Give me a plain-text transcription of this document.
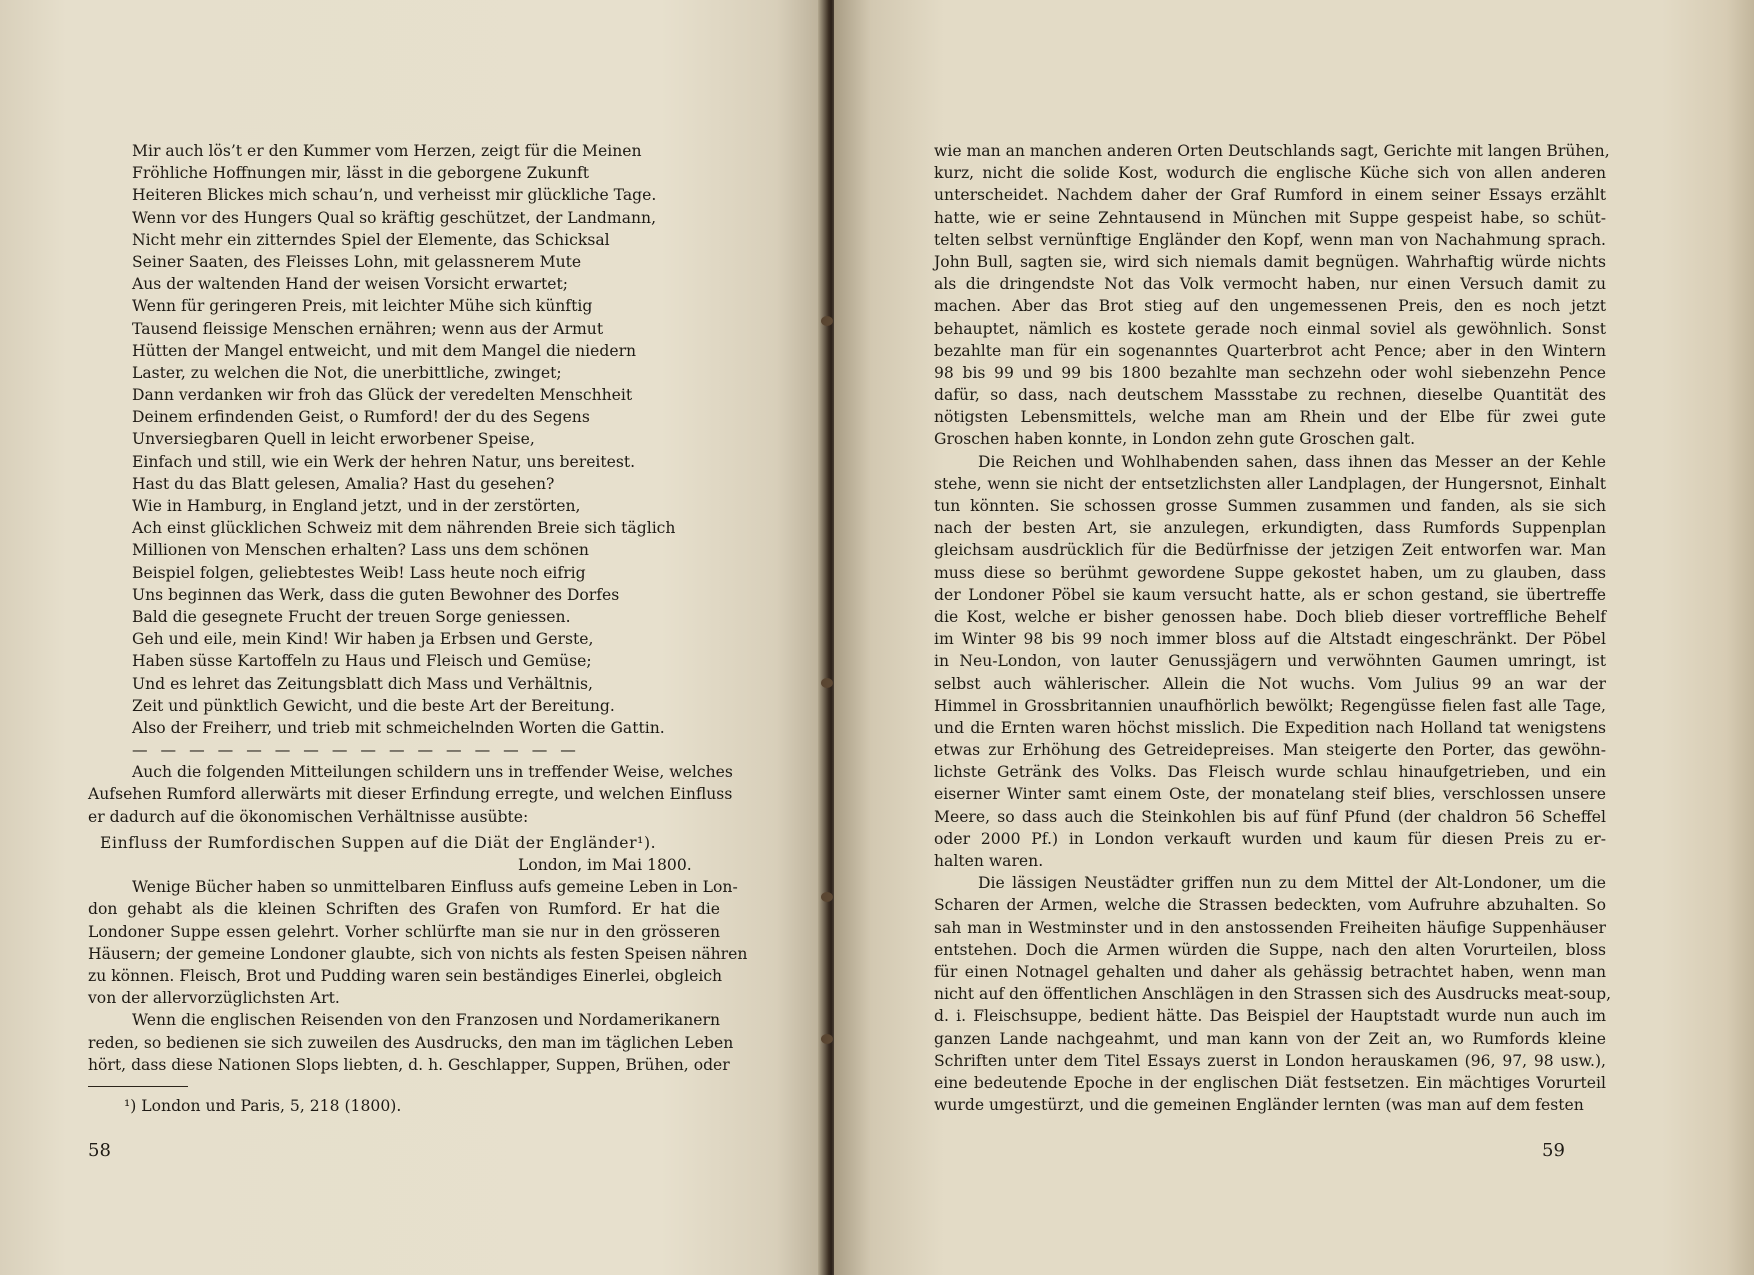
Mir auch lös’t er den Kummer vom Herzen, zeigt für die Meinen
Fröhliche Hoffnungen mir, lässt in die geborgene Zukunft
Heiteren Blickes mich schau’n, und verheisst mir glückliche Tage.
Wenn vor des Hungers Qual so kräftig geschützet, der Landmann,
Nicht mehr ein zitterndes Spiel der Elemente, das Schicksal
Seiner Saaten, des Fleisses Lohn, mit gelassnerem Mute
Aus der waltenden Hand der weisen Vorsicht erwartet;
Wenn für geringeren Preis, mit leichter Mühe sich künftig
Tausend fleissige Menschen ernähren; wenn aus der Armut
Hütten der Mangel entweicht, und mit dem Mangel die niedern
Laster, zu welchen die Not, die unerbittliche, zwinget;
Dann verdanken wir froh das Glück der veredelten Menschheit
Deinem erfindenden Geist, o Rumford! der du des Segens
Unversiegbaren Quell in leicht erworbener Speise,
Einfach und still, wie ein Werk der hehren Natur, uns bereitest.
Hast du das Blatt gelesen, Amalia? Hast du gesehen?
Wie in Hamburg, in England jetzt, und in der zerstörten,
Ach einst glücklichen Schweiz mit dem nährenden Breie sich täglich
Millionen von Menschen erhalten? Lass uns dem schönen
Beispiel folgen, geliebtestes Weib! Lass heute noch eifrig
Uns beginnen das Werk, dass die guten Bewohner des Dorfes
Bald die gesegnete Frucht der treuen Sorge geniessen.
Geh und eile, mein Kind! Wir haben ja Erbsen und Gerste,
Haben süsse Kartoffeln zu Haus und Fleisch und Gemüse;
Und es lehret das Zeitungsblatt dich Mass und Verhältnis,
Zeit und pünktlich Gewicht, und die beste Art der Bereitung.
Also der Freiherr, und trieb mit schmeichelnden Worten die Gattin.
— — — — — — — — — — — — — — — —
Auch die folgenden Mitteilungen schildern uns in treffender Weise, welches
Aufsehen Rumford allerwärts mit dieser Erfindung erregte, und welchen Einfluss
er dadurch auf die ökonomischen Verhältnisse ausübte:
Einfluss der Rumfordischen Suppen auf die Diät der Engländer¹).
London, im Mai 1800.
Wenige Bücher haben so unmittelbaren Einfluss aufs gemeine Leben in Lon-
don gehabt als die kleinen Schriften des Grafen von Rumford. Er hat die
Londoner Suppe essen gelehrt. Vorher schlürfte man sie nur in den grösseren
Häusern; der gemeine Londoner glaubte, sich von nichts als festen Speisen nähren
zu können. Fleisch, Brot und Pudding waren sein beständiges Einerlei, obgleich
von der allervorzüglichsten Art.
Wenn die englischen Reisenden von den Franzosen und Nordamerikanern
reden, so bedienen sie sich zuweilen des Ausdrucks, den man im täglichen Leben
hört, dass diese Nationen Slops liebten, d. h. Geschlapper, Suppen, Brühen, oder
¹) London und Paris, 5, 218 (1800).
58
wie man an manchen anderen Orten Deutschlands sagt, Gerichte mit langen Brühen,
kurz, nicht die solide Kost, wodurch die englische Küche sich von allen anderen
unterscheidet. Nachdem daher der Graf Rumford in einem seiner Essays erzählt
hatte, wie er seine Zehntausend in München mit Suppe gespeist habe, so schüt-
telten selbst vernünftige Engländer den Kopf, wenn man von Nachahmung sprach.
John Bull, sagten sie, wird sich niemals damit begnügen. Wahrhaftig würde nichts
als die dringendste Not das Volk vermocht haben, nur einen Versuch damit zu
machen. Aber das Brot stieg auf den ungemessenen Preis, den es noch jetzt
behauptet, nämlich es kostete gerade noch einmal soviel als gewöhnlich. Sonst
bezahlte man für ein sogenanntes Quarterbrot acht Pence; aber in den Wintern
98 bis 99 und 99 bis 1800 bezahlte man sechzehn oder wohl siebenzehn Pence
dafür, so dass, nach deutschem Massstabe zu rechnen, dieselbe Quantität des
nötigsten Lebensmittels, welche man am Rhein und der Elbe für zwei gute
Groschen haben konnte, in London zehn gute Groschen galt.
Die Reichen und Wohlhabenden sahen, dass ihnen das Messer an der Kehle
stehe, wenn sie nicht der entsetzlichsten aller Landplagen, der Hungersnot, Einhalt
tun könnten. Sie schossen grosse Summen zusammen und fanden, als sie sich
nach der besten Art, sie anzulegen, erkundigten, dass Rumfords Suppenplan
gleichsam ausdrücklich für die Bedürfnisse der jetzigen Zeit entworfen war. Man
muss diese so berühmt gewordene Suppe gekostet haben, um zu glauben, dass
der Londoner Pöbel sie kaum versucht hatte, als er schon gestand, sie übertreffe
die Kost, welche er bisher genossen habe. Doch blieb dieser vortreffliche Behelf
im Winter 98 bis 99 noch immer bloss auf die Altstadt eingeschränkt. Der Pöbel
in Neu-London, von lauter Genussjägern und verwöhnten Gaumen umringt, ist
selbst auch wählerischer. Allein die Not wuchs. Vom Julius 99 an war der
Himmel in Grossbritannien unaufhörlich bewölkt; Regengüsse fielen fast alle Tage,
und die Ernten waren höchst misslich. Die Expedition nach Holland tat wenigstens
etwas zur Erhöhung des Getreidepreises. Man steigerte den Porter, das gewöhn-
lichste Getränk des Volks. Das Fleisch wurde schlau hinaufgetrieben, und ein
eiserner Winter samt einem Oste, der monatelang steif blies, verschlossen unsere
Meere, so dass auch die Steinkohlen bis auf fünf Pfund (der chaldron 56 Scheffel
oder 2000 Pf.) in London verkauft wurden und kaum für diesen Preis zu er-
halten waren.
Die lässigen Neustädter griffen nun zu dem Mittel der Alt-Londoner, um die
Scharen der Armen, welche die Strassen bedeckten, vom Aufruhre abzuhalten. So
sah man in Westminster und in den anstossenden Freiheiten häufige Suppenhäuser
entstehen. Doch die Armen würden die Suppe, nach den alten Vorurteilen, bloss
für einen Notnagel gehalten und daher als gehässig betrachtet haben, wenn man
nicht auf den öffentlichen Anschlägen in den Strassen sich des Ausdrucks meat-soup,
d. i. Fleischsuppe, bedient hätte. Das Beispiel der Hauptstadt wurde nun auch im
ganzen Lande nachgeahmt, und man kann von der Zeit an, wo Rumfords kleine
Schriften unter dem Titel Essays zuerst in London herauskamen (96, 97, 98 usw.),
eine bedeutende Epoche in der englischen Diät festsetzen. Ein mächtiges Vorurteil
wurde umgestürzt, und die gemeinen Engländer lernten (was man auf dem festen
59
